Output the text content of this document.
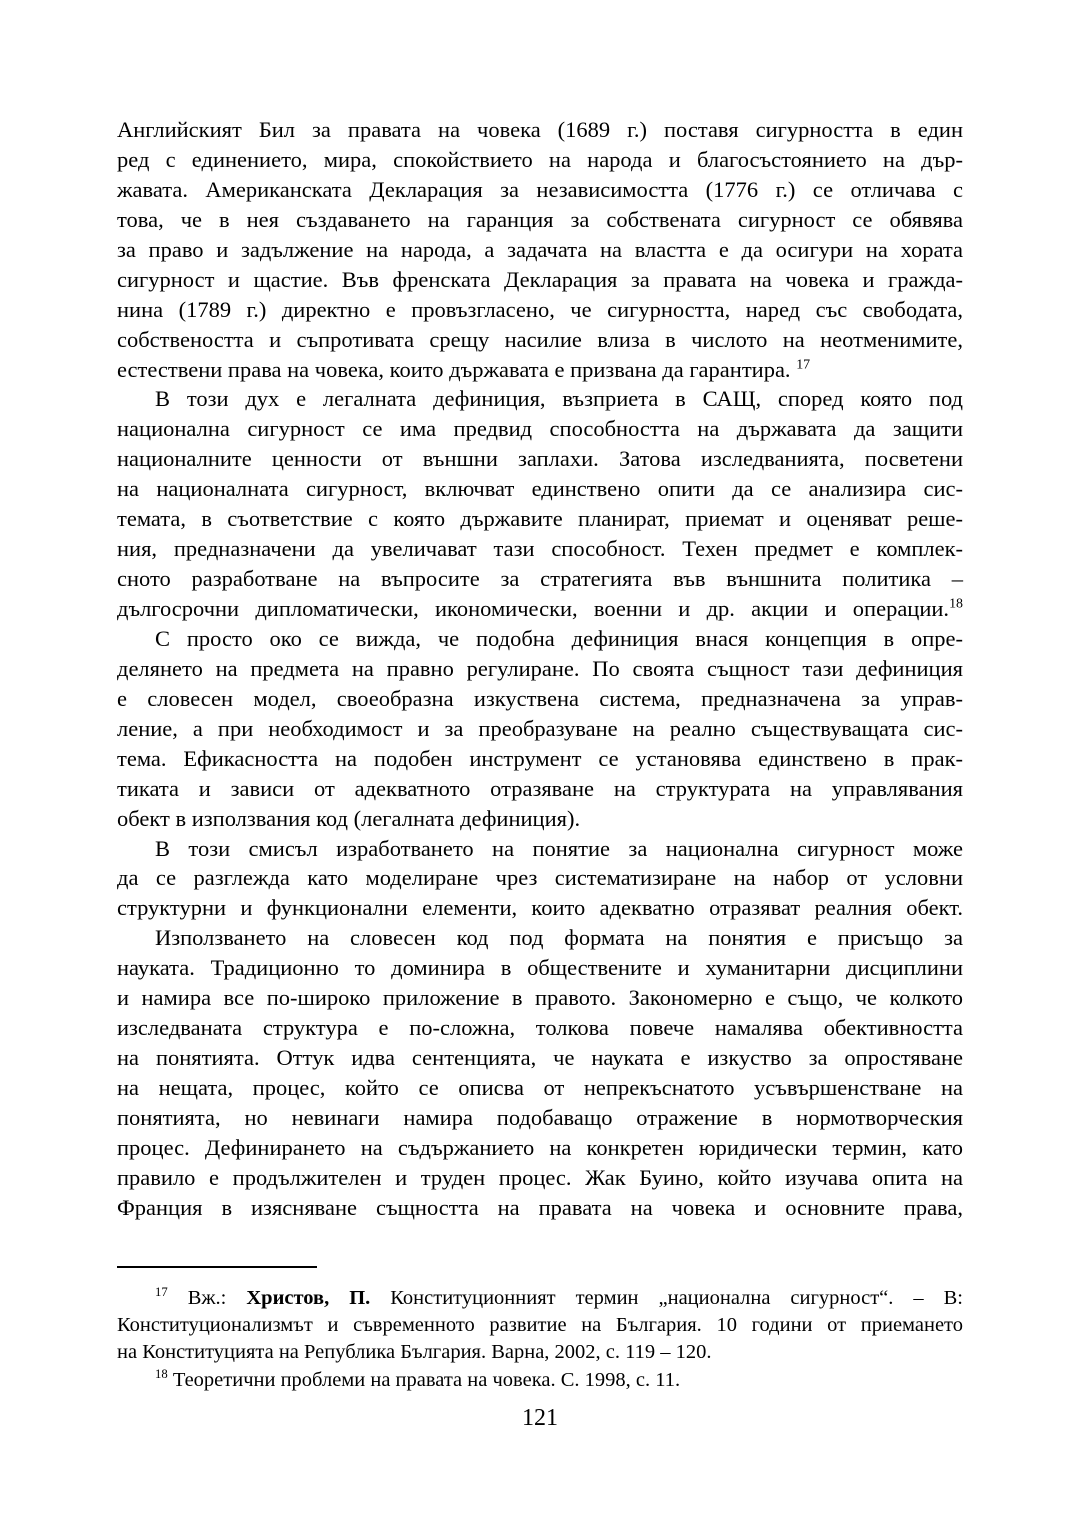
Английският Бил за правата на човека (1689 г.) поставя сигурността в един
ред с единението, мира, спокойствието на народа и благосъстоянието на дър-
жавата. Американската Декларация за независимостта (1776 г.) се отличава с
това, че в нея създаването на гаранция за собствената сигурност се обявява
за право и задължение на народа, а задачата на властта е да осигури на хората
сигурност и щастие. Във френската Декларация за правата на човека и гражда-
нина (1789 г.) директно е провъзгласено, че сигурността, наред със свободата,
собствеността и съпротивата срещу насилие влиза в числото на неотменимите,
естествени права на човека, които държавата е призвана да гарантира. $^{17}$
В този дух е легалната дефиниция, възприета в САЩ, според която под
национална сигурност се има предвид способността на държавата да защити
националните ценности от външни заплахи. Затова изследванията, посветени
на националната сигурност, включват единствено опити да се анализира сис-
темата, в съответствие с която държавите планират, приемат и оценяват реше-
ния, предназначени да увеличават тази способност. Техен предмет е комплек-
сното разработване на въпросите за стратегията във външнита политика –
дългосрочни дипломатически, икономически, военни и др. акции и операции.$^{18}$
С просто око се вижда, че подобна дефиниция внася концепция в опре-
делянето на предмета на правно регулиране. По своята същност тази дефиниция
е словесен модел, своеобразна изкуствена система, предназначена за управ-
ление, а при необходимост и за преобразуване на реално съществуващата сис-
тема. Ефикасността на подобен инструмент се установява единствено в прак-
тиката и зависи от адекватното отразяване на структурата на управлявания
обект в използвания код (легалната дефиниция).
В този смисъл изработването на понятие за национална сигурност може
да се разглежда като моделиране чрез систематизиране на набор от условни
структурни и функционални елементи, които адекватно отразяват реалния обект.
Използването на словесен код под формата на понятия е присъщо за
науката. Традиционно то доминира в обществените и хуманитарни дисциплини
и намира все по-широко приложение в правото. Закономерно е също, че колкото
изследваната структура е по-сложна, толкова повече намалява обективността
на понятията. Оттук идва сентенцията, че науката е изкуство за опростяване
на нещата, процес, който се описва от непрекъснатото усъвършенстване на
понятията, но невинаги намира подобаващо отражение в нормотворческия
процес. Дефинирането на съдържанието на конкретен юридически термин, като
правило е продължителен и труден процес. Жак Буино, който изучава опита на
Франция в изясняване същността на правата на човека и основните права,
$^{17}$ Вж.: Христов, П. Конституционният термин „национална сигурност“. – В:
Конституционализмът и съвременното развитие на България. 10 години от приемането
на Конституцията на Република България. Варна, 2002, с. 119 – 120.
$^{18}$ Теоретични проблеми на правата на човека. С. 1998, с. 11.
121
